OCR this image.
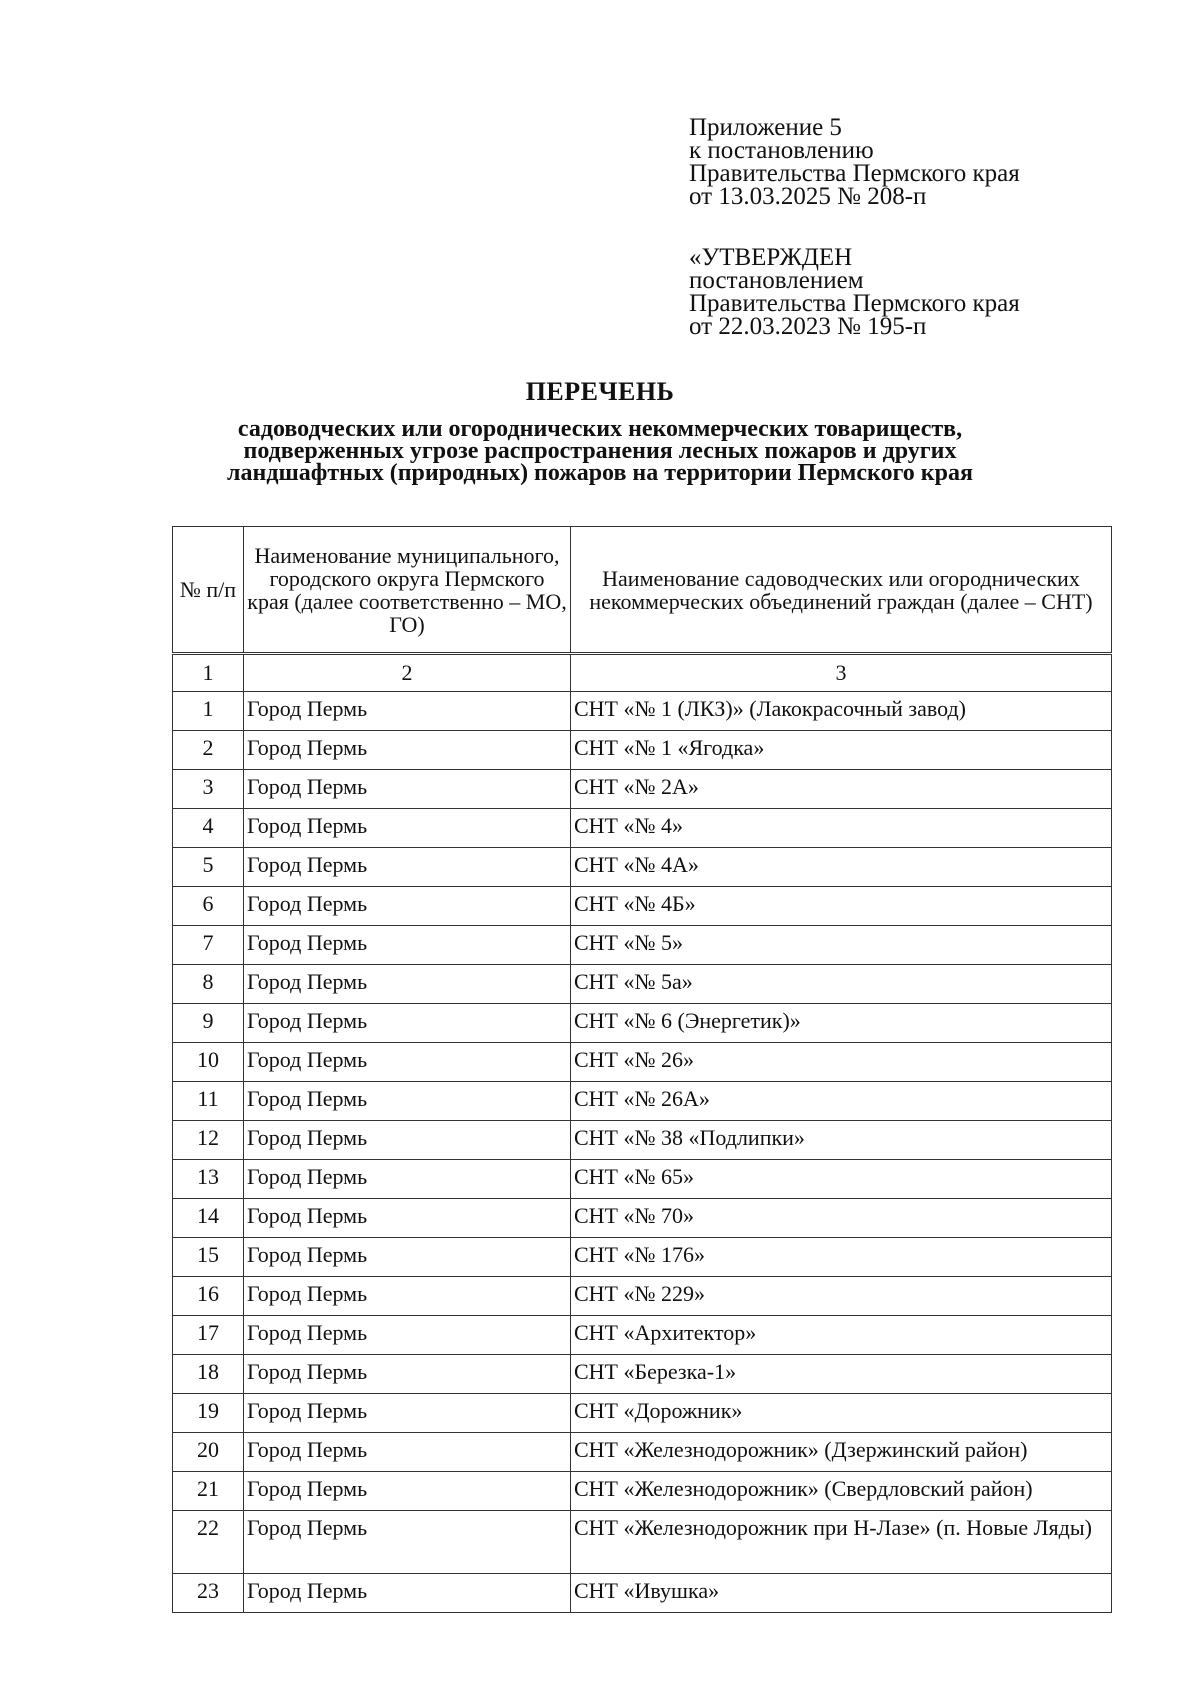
Приложение 5
к постановлению
Правительства Пермского края
от 13.03.2025 № 208-п
«УТВЕРЖДЕН
постановлением
Правительства Пермского края
от 22.03.2023 № 195-п
ПЕРЕЧЕНЬ
садоводческих или огороднических некоммерческих товариществ,
подверженных угрозе распространения лесных пожаров и других
ландшафтных (природных) пожаров на территории Пермского края
№ п/п	Наименование муниципального, городского округа Пермского края (далее соответственно – МО, ГО)	Наименование садоводческих или огороднических некоммерческих объединений граждан (далее – СНТ)
1	2	3
1	Город Пермь	СНТ «№ 1 (ЛКЗ)» (Лакокрасочный завод)
2	Город Пермь	СНТ «№ 1 «Ягодка»
3	Город Пермь	СНТ «№ 2А»
4	Город Пермь	СНТ «№ 4»
5	Город Пермь	СНТ «№ 4А»
6	Город Пермь	СНТ «№ 4Б»
7	Город Пермь	СНТ «№ 5»
8	Город Пермь	СНТ «№ 5а»
9	Город Пермь	СНТ «№ 6 (Энергетик)»
10	Город Пермь	СНТ «№ 26»
11	Город Пермь	СНТ «№ 26А»
12	Город Пермь	СНТ «№ 38 «Подлипки»
13	Город Пермь	СНТ «№ 65»
14	Город Пермь	СНТ «№ 70»
15	Город Пермь	СНТ «№ 176»
16	Город Пермь	СНТ «№ 229»
17	Город Пермь	СНТ «Архитектор»
18	Город Пермь	СНТ «Березка-1»
19	Город Пермь	СНТ «Дорожник»
20	Город Пермь	СНТ «Железнодорожник» (Дзержинский район)
21	Город Пермь	СНТ «Железнодорожник» (Свердловский район)
22	Город Пермь	СНТ «Железнодорожник при Н-Лазе» (п. Новые Ляды)
23	Город Пермь	СНТ «Ивушка»
